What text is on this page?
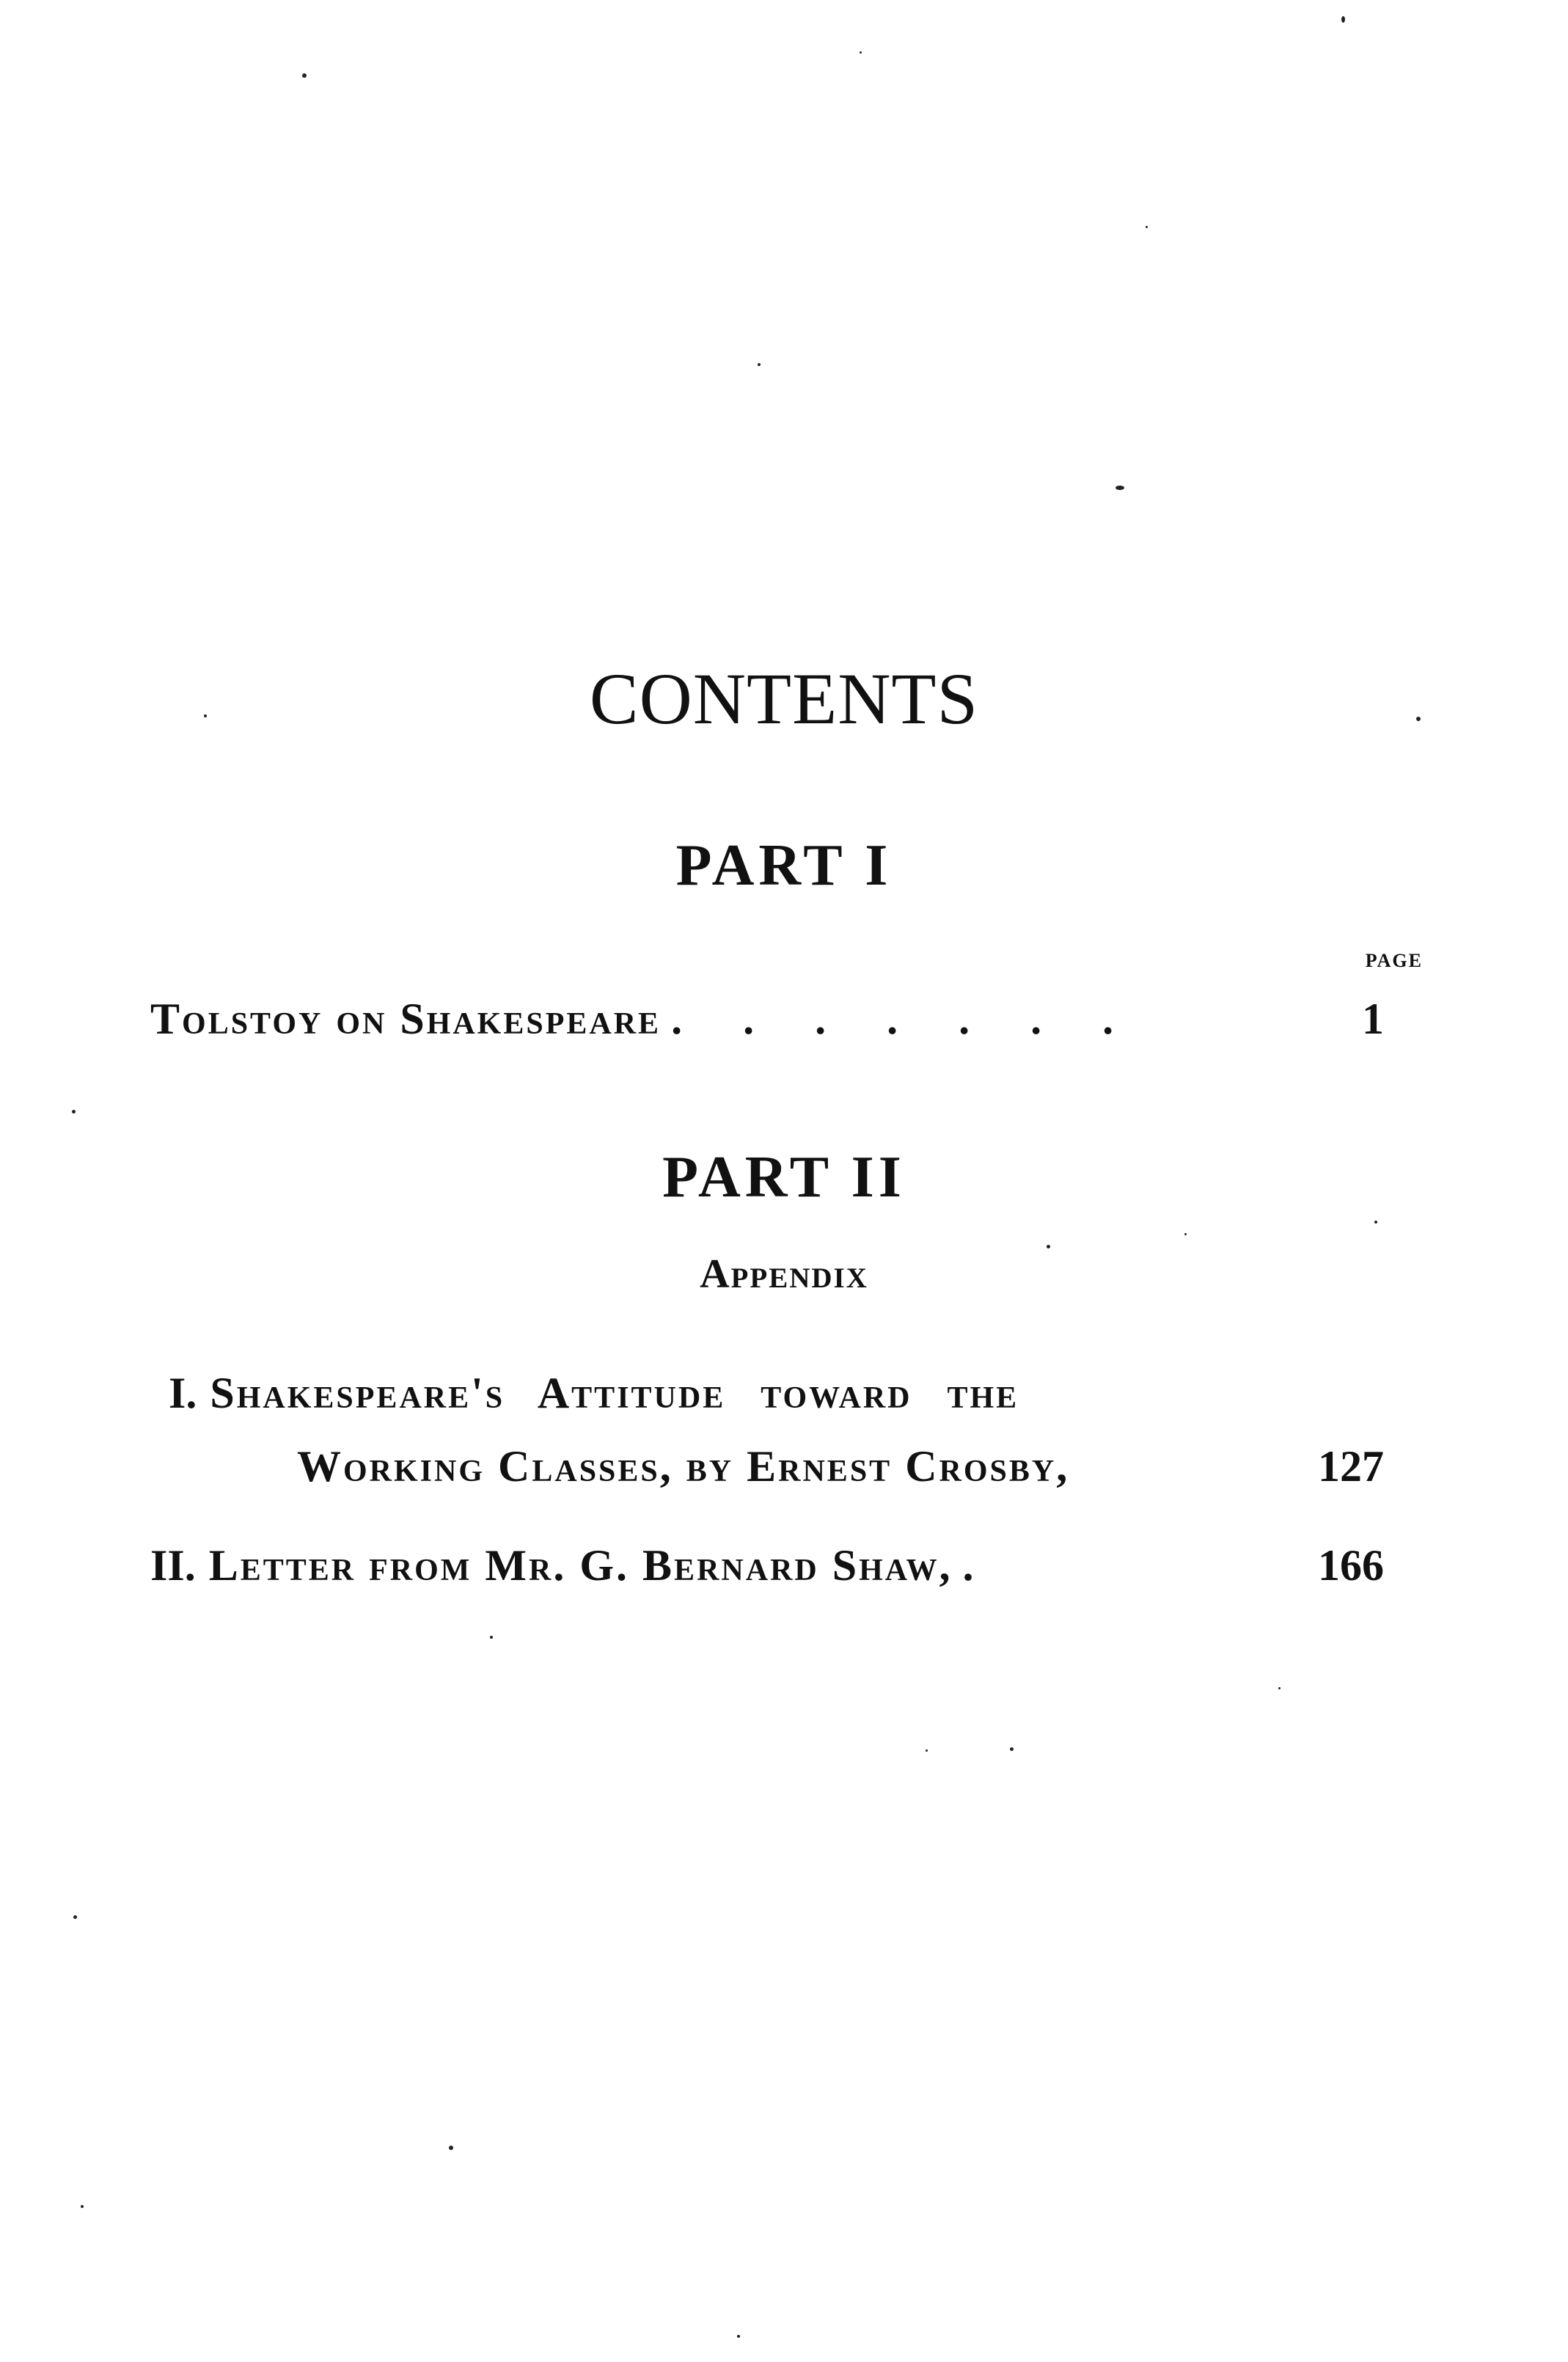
CONTENTS
PART I
PAGE
Tolstoy on Shakespeare . . . . . . .	1
PART II
Appendix
I. Shakespeare's Attitude toward the
Working Classes, by Ernest Crosby,	127
II. Letter from Mr. G. Bernard Shaw, .	166
